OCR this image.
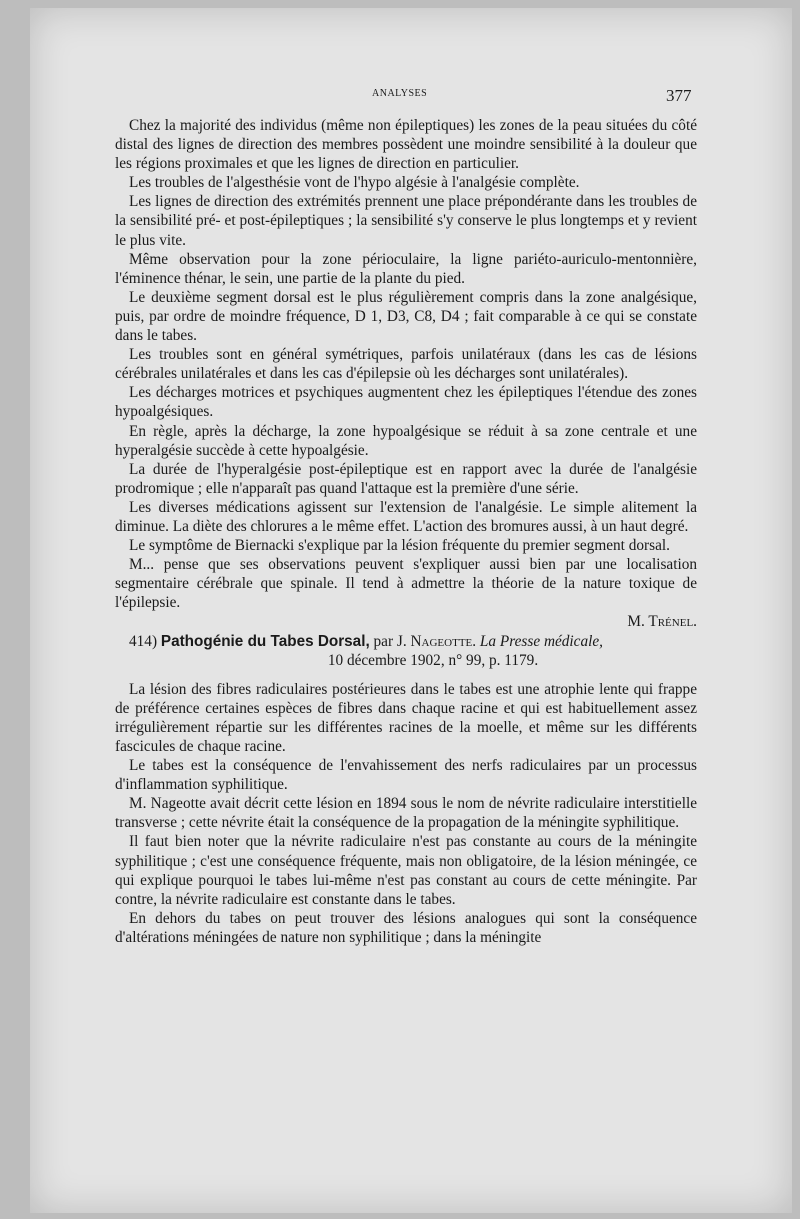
ANALYSES	377

Chez la majorité des individus (même non épileptiques) les zones de la peau situées du côté distal des lignes de direction des membres possèdent une moindre sensibilité à la douleur que les régions proximales et que les lignes de direction en particulier.

Les troubles de l'algesthésie vont de l'hypo algésie à l'analgésie complète.

Les lignes de direction des extrémités prennent une place prépondérante dans les troubles de la sensibilité pré- et post-épileptiques ; la sensibilité s'y conserve le plus longtemps et y revient le plus vite.

Même observation pour la zone périoculaire, la ligne pariéto-auriculo-mentonnière, l'éminence thénar, le sein, une partie de la plante du pied.

Le deuxième segment dorsal est le plus régulièrement compris dans la zone analgésique, puis, par ordre de moindre fréquence, D 1, D3, C8, D4 ; fait comparable à ce qui se constate dans le tabes.

Les troubles sont en général symétriques, parfois unilatéraux (dans les cas de lésions cérébrales unilatérales et dans les cas d'épilepsie où les décharges sont unilatérales).

Les décharges motrices et psychiques augmentent chez les épileptiques l'étendue des zones hypoalgésiques.

En règle, après la décharge, la zone hypoalgésique se réduit à sa zone centrale et une hyperalgésie succède à cette hypoalgésie.

La durée de l'hyperalgésie post-épileptique est en rapport avec la durée de l'analgésie prodromique ; elle n'apparaît pas quand l'attaque est la première d'une série.

Les diverses médications agissent sur l'extension de l'analgésie. Le simple alitement la diminue. La diète des chlorures a le même effet. L'action des bromures aussi, à un haut degré.

Le symptôme de Biernacki s'explique par la lésion fréquente du premier segment dorsal.

M... pense que ses observations peuvent s'expliquer aussi bien par une localisation segmentaire cérébrale que spinale. Il tend à admettre la théorie de la nature toxique de l'épilepsie.

M. Trénel.

414) Pathogénie du Tabes Dorsal, par J. Nageotte. La Presse médicale,
10 décembre 1902, n° 99, p. 1179.

La lésion des fibres radiculaires postérieures dans le tabes est une atrophie lente qui frappe de préférence certaines espèces de fibres dans chaque racine et qui est habituellement assez irrégulièrement répartie sur les différentes racines de la moelle, et même sur les différents fascicules de chaque racine.

Le tabes est la conséquence de l'envahissement des nerfs radiculaires par un processus d'inflammation syphilitique.

M. Nageotte avait décrit cette lésion en 1894 sous le nom de névrite radiculaire interstitielle transverse ; cette névrite était la conséquence de la propagation de la méningite syphilitique.

Il faut bien noter que la névrite radiculaire n'est pas constante au cours de la méningite syphilitique ; c'est une conséquence fréquente, mais non obligatoire, de la lésion méningée, ce qui explique pourquoi le tabes lui-même n'est pas constant au cours de cette méningite. Par contre, la névrite radiculaire est constante dans le tabes.

En dehors du tabes on peut trouver des lésions analogues qui sont la conséquence d'altérations méningées de nature non syphilitique ; dans la méningite
